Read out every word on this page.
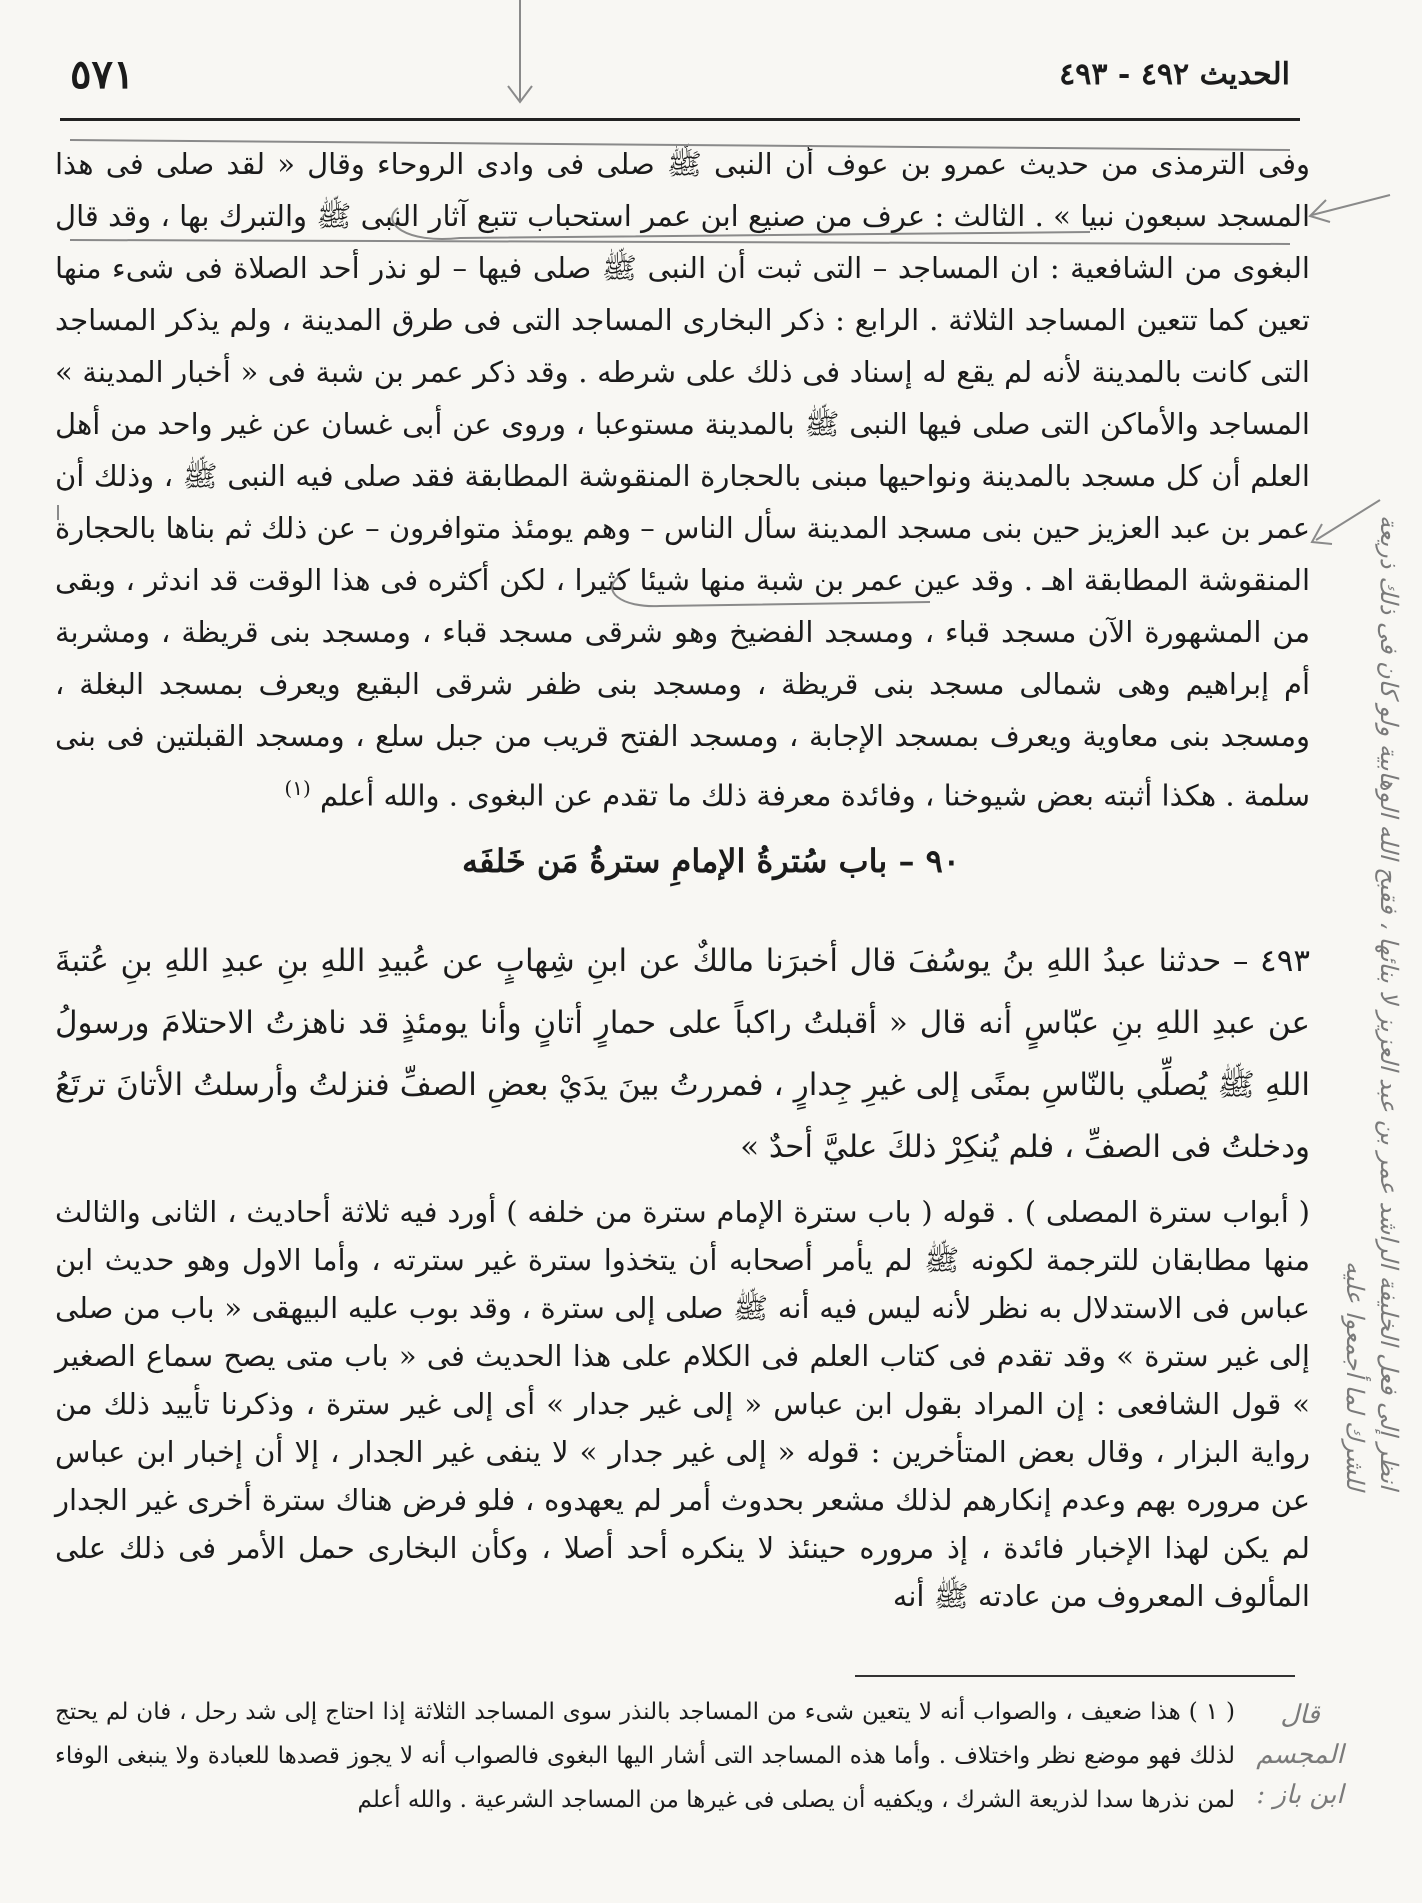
الحديث ٤٩٢ - ٤٩٣
٥٧١

وفى الترمذى من حديث عمرو بن عوف أن النبى ﷺ صلى فى وادى الروحاء وقال « لقد صلى فى هذا المسجد سبعون نبيا » . الثالث : عرف من صنيع ابن عمر استحباب تتبع آثار النبى ﷺ والتبرك بها ، وقد قال البغوى من الشافعية : ان المساجد – التى ثبت أن النبى ﷺ صلى فيها – لو نذر أحد الصلاة فى شىء منها تعين كما تتعين المساجد الثلاثة . الرابع : ذكر البخارى المساجد التى فى طرق المدينة ، ولم يذكر المساجد التى كانت بالمدينة لأنه لم يقع له إسناد فى ذلك على شرطه . وقد ذكر عمر بن شبة فى « أخبار المدينة » المساجد والأماكن التى صلى فيها النبى ﷺ بالمدينة مستوعبا ، وروى عن أبى غسان عن غير واحد من أهل العلم أن كل مسجد بالمدينة ونواحيها مبنى بالحجارة المنقوشة المطابقة فقد صلى فيه النبى ﷺ ، وذلك أن عمر بن عبد العزيز حين بنى مسجد المدينة سأل الناس – وهم يومئذ متوافرون – عن ذلك ثم بناها بالحجارة المنقوشة المطابقة اهـ . وقد عين عمر بن شبة منها شيئا كثيرا ، لكن أكثره فى هذا الوقت قد اندثر ، وبقى من المشهورة الآن مسجد قباء ، ومسجد الفضيخ وهو شرقى مسجد قباء ، ومسجد بنى قريظة ، ومشربة أم إبراهيم وهى شمالى مسجد بنى قريظة ، ومسجد بنى ظفر شرقى البقيع ويعرف بمسجد البغلة ، ومسجد بنى معاوية ويعرف بمسجد الإجابة ، ومسجد الفتح قريب من جبل سلع ، ومسجد القبلتين فى بنى سلمة . هكذا أثبته بعض شيوخنا ، وفائدة معرفة ذلك ما تقدم عن البغوى . والله أعلم $^{(١)}$

٩٠ – باب سُترةُ الإمامِ سترةُ مَن خَلفَه

٤٩٣ – حدثنا عبدُ اللهِ بنُ يوسُفَ قال أخبرَنا مالكٌ عن ابنِ شِهابٍ عن عُبيدِ اللهِ بنِ عبدِ اللهِ بنِ عُتبةَ عن عبدِ اللهِ بنِ عبّاسٍ أنه قال « أقبلتُ راكباً على حمارٍ أتانٍ وأنا يومئذٍ قد ناهزتُ الاحتلامَ ورسولُ اللهِ ﷺ يُصلِّي بالنّاسِ بمنًى إلى غيرِ جِدارٍ ، فمررتُ بينَ يدَيْ بعضِ الصفِّ فنزلتُ وأرسلتُ الأتانَ ترتَعُ ودخلتُ فى الصفِّ ، فلم يُنكِرْ ذلكَ عليَّ أحدٌ »

( أبواب سترة المصلى ) . قوله ( باب سترة الإمام سترة من خلفه ) أورد فيه ثلاثة أحاديث ، الثانى والثالث منها مطابقان للترجمة لكونه ﷺ لم يأمر أصحابه أن يتخذوا سترة غير سترته ، وأما الاول وهو حديث ابن عباس فى الاستدلال به نظر لأنه ليس فيه أنه ﷺ صلى إلى سترة ، وقد بوب عليه البيهقى « باب من صلى إلى غير سترة » وقد تقدم فى كتاب العلم فى الكلام على هذا الحديث فى « باب متى يصح سماع الصغير » قول الشافعى : إن المراد بقول ابن عباس « إلى غير جدار » أى إلى غير سترة ، وذكرنا تأييد ذلك من رواية البزار ، وقال بعض المتأخرين : قوله « إلى غير جدار » لا ينفى غير الجدار ، إلا أن إخبار ابن عباس عن مروره بهم وعدم إنكارهم لذلك مشعر بحدوث أمر لم يعهدوه ، فلو فرض هناك سترة أخرى غير الجدار لم يكن لهذا الإخبار فائدة ، إذ مروره حينئذ لا ينكره أحد أصلا ، وكأن البخارى حمل الأمر فى ذلك على المألوف المعروف من عادته ﷺ أنه

( ١ ) هذا ضعيف ، والصواب أنه لا يتعين شىء من المساجد بالنذر سوى المساجد الثلاثة إذا احتاج إلى شد رحل ، فان لم يحتج لذلك فهو موضع نظر واختلاف . وأما هذه المساجد التى أشار اليها البغوى فالصواب أنه لا يجوز قصدها للعبادة ولا ينبغى الوفاء لمن نذرها سدا لذريعة الشرك ، ويكفيه أن يصلى فى غيرها من المساجد الشرعية . والله أعلم

انظر إلى فعل الخليفة الراشد عمر بن عبد العزيز لا بنائها ، فقبح الله الوهابية ولو كان فى ذلك ذريعة للشرك لما أجمعوا عليه
قال المجسم ابن باز :
